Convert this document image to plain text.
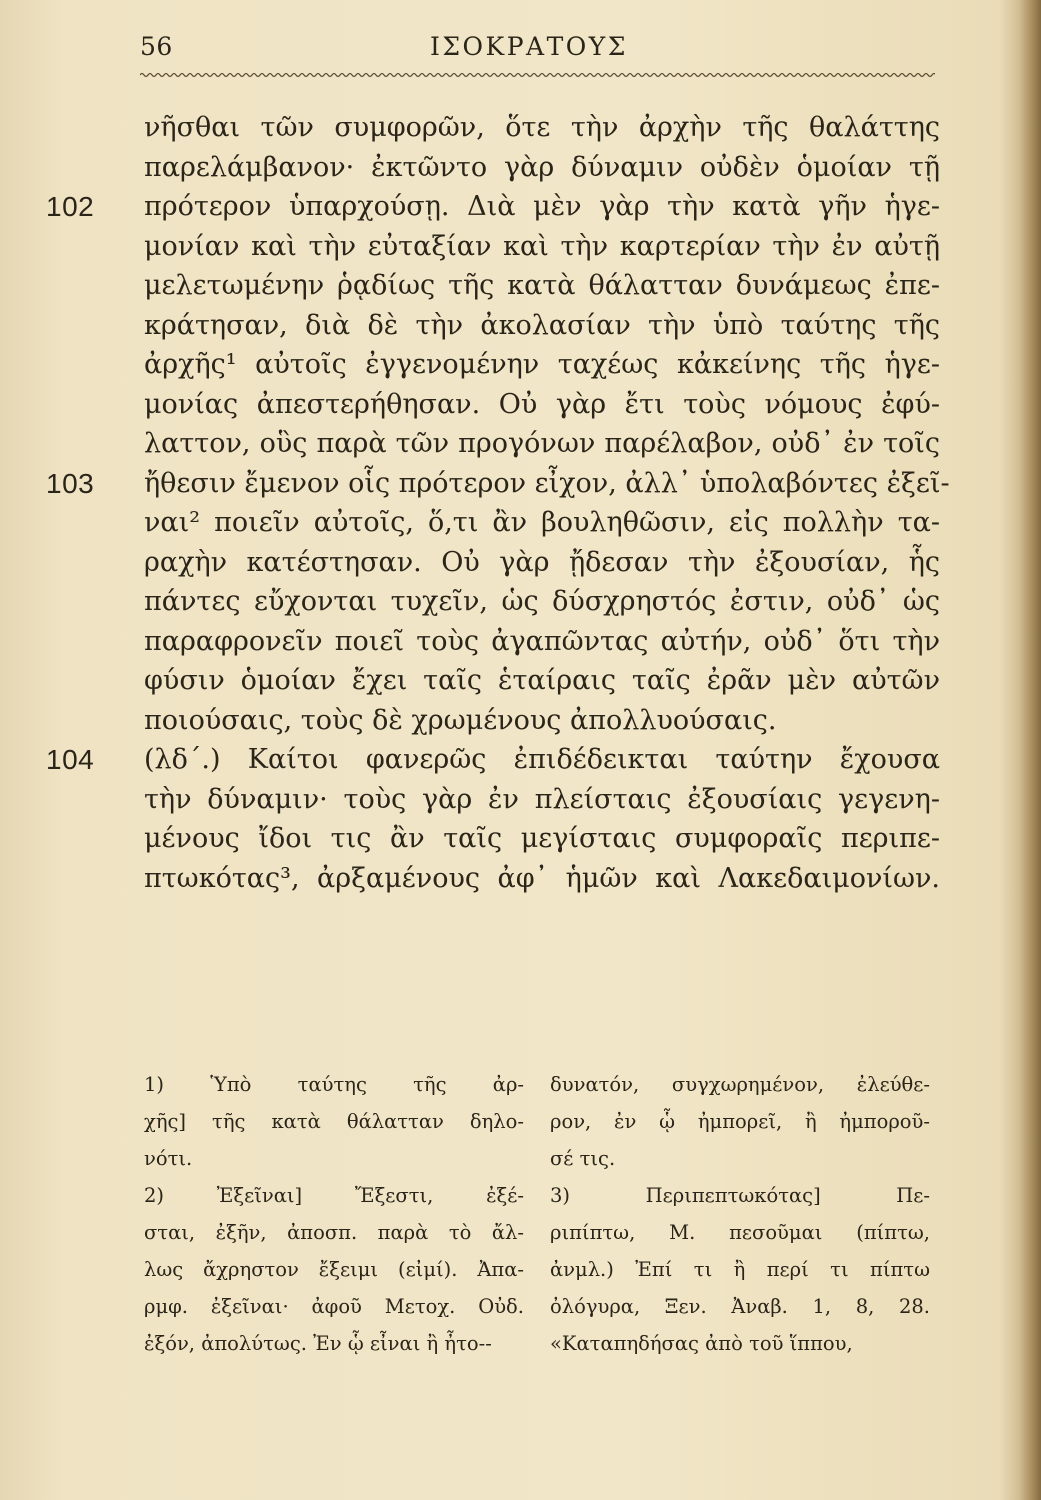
56	ΙΣΟΚΡΑΤΟΥΣ
νῆσθαι τῶν συμφορῶν, ὅτε τὴν ἀρχὴν τῆς θαλάττης
παρελάμβανον· ἐκτῶντο γὰρ δύναμιν οὐδὲν ὁμοίαν τῇ
102 πρότερον ὑπαρχούσῃ. Διὰ μὲν γὰρ τὴν κατὰ γῆν ἡγε-
μονίαν καὶ τὴν εὐταξίαν καὶ τὴν καρτερίαν τὴν ἐν αὐτῇ
μελετωμένην ῥᾳδίως τῆς κατὰ θάλατταν δυνάμεως ἐπε-
κράτησαν, διὰ δὲ τὴν ἀκολασίαν τὴν ὑπὸ ταύτης τῆς
ἀρχῆς¹ αὐτοῖς ἐγγενομένην ταχέως κἀκείνης τῆς ἡγε-
μονίας ἀπεστερήθησαν. Οὐ γὰρ ἔτι τοὺς νόμους ἐφύ-
λαττον, οὓς παρὰ τῶν προγόνων παρέλαβον, οὐδ᾽ ἐν τοῖς
103 ἤθεσιν ἔμενον οἷς πρότερον εἶχον, ἀλλ᾽ ὑπολαβόντες ἐξεῖ-
ναι² ποιεῖν αὐτοῖς, ὅ,τι ἂν βουληθῶσιν, εἰς πολλὴν τα-
ραχὴν κατέστησαν. Οὐ γὰρ ᾔδεσαν τὴν ἐξουσίαν, ἧς
πάντες εὔχονται τυχεῖν, ὡς δύσχρηστός ἐστιν, οὐδ᾽ ὡς
παραφρονεῖν ποιεῖ τοὺς ἀγαπῶντας αὐτήν, οὐδ᾽ ὅτι τὴν
φύσιν ὁμοίαν ἔχει ταῖς ἑταίραις ταῖς ἐρᾶν μὲν αὐτῶν
ποιούσαις, τοὺς δὲ χρωμένους ἀπολλυούσαις.
104 (λδ΄.) Καίτοι φανερῶς ἐπιδέδεικται ταύτην ἔχουσα
τὴν δύναμιν· τοὺς γὰρ ἐν πλείσταις ἐξουσίαις γεγενη-
μένους ἴδοι τις ἂν ταῖς μεγίσταις συμφοραῖς περιπε-
πτωκότας³, ἀρξαμένους ἀφ᾽ ἡμῶν καὶ Λακεδαιμονίων.
1) Ὑπὸ ταύτης τῆς ἀρ-
χῆς] τῆς κατὰ θάλατταν δηλο-
νότι.
2) Ἐξεῖναι] Ἔξεστι, ἐξέ-
σται, ἐξῆν, ἀποσπ. παρὰ τὸ ἄλ-
λως ἄχρηστον ἔξειμι (εἰμί). Ἀπα-
ρμφ. ἐξεῖναι· ἀφοῦ Μετοχ. Οὐδ.
ἐξόν, ἀπολύτως. Ἐν ᾧ εἶναι ἢ ἦτο--
δυνατόν, συγχωρημένον, ἐλεύθε-
ρον, ἐν ᾧ ἠμπορεῖ, ἢ ἠμποροῦ-
σέ τις.
3) Περιπεπτωκότας] Πε-
ριπίπτω, Μ. πεσοῦμαι (πίπτω,
ἀνμλ.) Ἐπί τι ἢ περί τι πίπτω
ὀλόγυρα, Ξεν. Ἀναβ. 1, 8, 28.
«Καταπηδήσας ἀπὸ τοῦ ἵππου,
